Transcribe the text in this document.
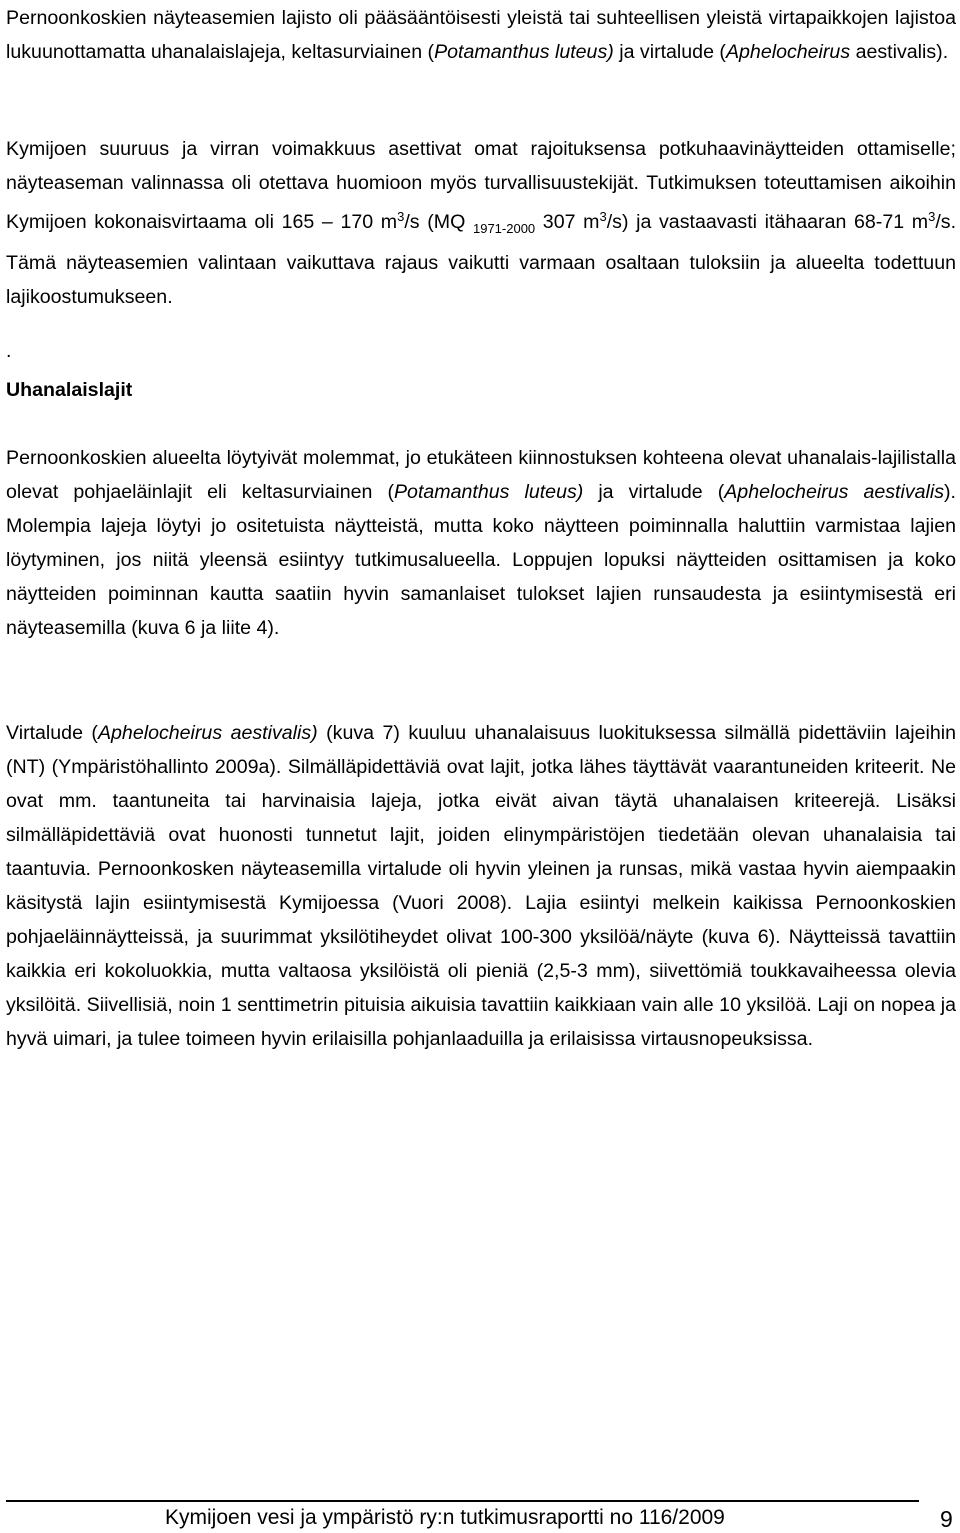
Pernoonkoskien näyteasemien lajisto oli pääsääntöisesti yleistä tai suhteellisen yleistä virtapaikkojen lajistoa lukuunottamatta uhanalaislajeja, keltasurviainen (Potamanthus luteus) ja virtalude (Aphelocheirus aestivalis).

Kymijoen suuruus ja virran voimakkuus asettivat omat rajoituksensa potkuhaavinäytteiden ottamiselle; näyteaseman valinnassa oli otettava huomioon myös turvallisuustekijät. Tutkimuksen toteuttamisen aikoihin Kymijoen kokonaisvirtaama oli 165 – 170 $m^3/s$ (MQ $_{1971-2000}$ 307 $m^3/s$) ja vastaavasti itähaaran 68-71 $m^3/s$. Tämä näyteasemien valintaan vaikuttava rajaus vaikutti varmaan osaltaan tuloksiin ja alueelta todettuun lajikoostumukseen.

.
Uhanalaislajit

Pernoonkoskien alueelta löytyivät molemmat, jo etukäteen kiinnostuksen kohteena olevat uhanalais-lajilistalla olevat pohjaeläinlajit eli keltasurviainen (Potamanthus luteus) ja virtalude (Aphelocheirus aestivalis). Molempia lajeja löytyi jo ositetuista näytteistä, mutta koko näytteen poiminnalla haluttiin varmistaa lajien löytyminen, jos niitä yleensä esiintyy tutkimusalueella. Loppujen lopuksi näytteiden osittamisen ja koko näytteiden poiminnan kautta saatiin hyvin samanlaiset tulokset lajien runsaudesta ja esiintymisestä eri näyteasemilla (kuva 6 ja liite 4).

Virtalude (Aphelocheirus aestivalis) (kuva 7) kuuluu uhanalaisuus luokituksessa silmällä pidettäviin lajeihin (NT) (Ympäristöhallinto 2009a). Silmälläpidettäviä ovat lajit, jotka lähes täyttävät vaarantuneiden kriteerit. Ne ovat mm. taantuneita tai harvinaisia lajeja, jotka eivät aivan täytä uhanalaisen kriteerejä. Lisäksi silmälläpidettäviä ovat huonosti tunnetut lajit, joiden elinympäristöjen tiedetään olevan uhanalaisia tai taantuvia. Pernoonkosken näyteasemilla virtalude oli hyvin yleinen ja runsas, mikä vastaa hyvin aiempaakin käsitystä lajin esiintymisestä Kymijoessa (Vuori 2008). Lajia esiintyi melkein kaikissa Pernoonkoskien pohjaeläinnäytteissä, ja suurimmat yksilötiheydet olivat 100-300 yksilöä/näyte (kuva 6). Näytteissä tavattiin kaikkia eri kokoluokkia, mutta valtaosa yksilöistä oli pieniä (2,5-3 mm), siivettömiä toukkavaiheessa olevia yksilöitä. Siivellisiä, noin 1 senttimetrin pituisia aikuisia tavattiin kaikkiaan vain alle 10 yksilöä. Laji on nopea ja hyvä uimari, ja tulee toimeen hyvin erilaisilla pohjanlaaduilla ja erilaisissa virtausnopeuksissa.

Kymijoen vesi ja ympäristö ry:n tutkimusraportti no 116/2009	9
